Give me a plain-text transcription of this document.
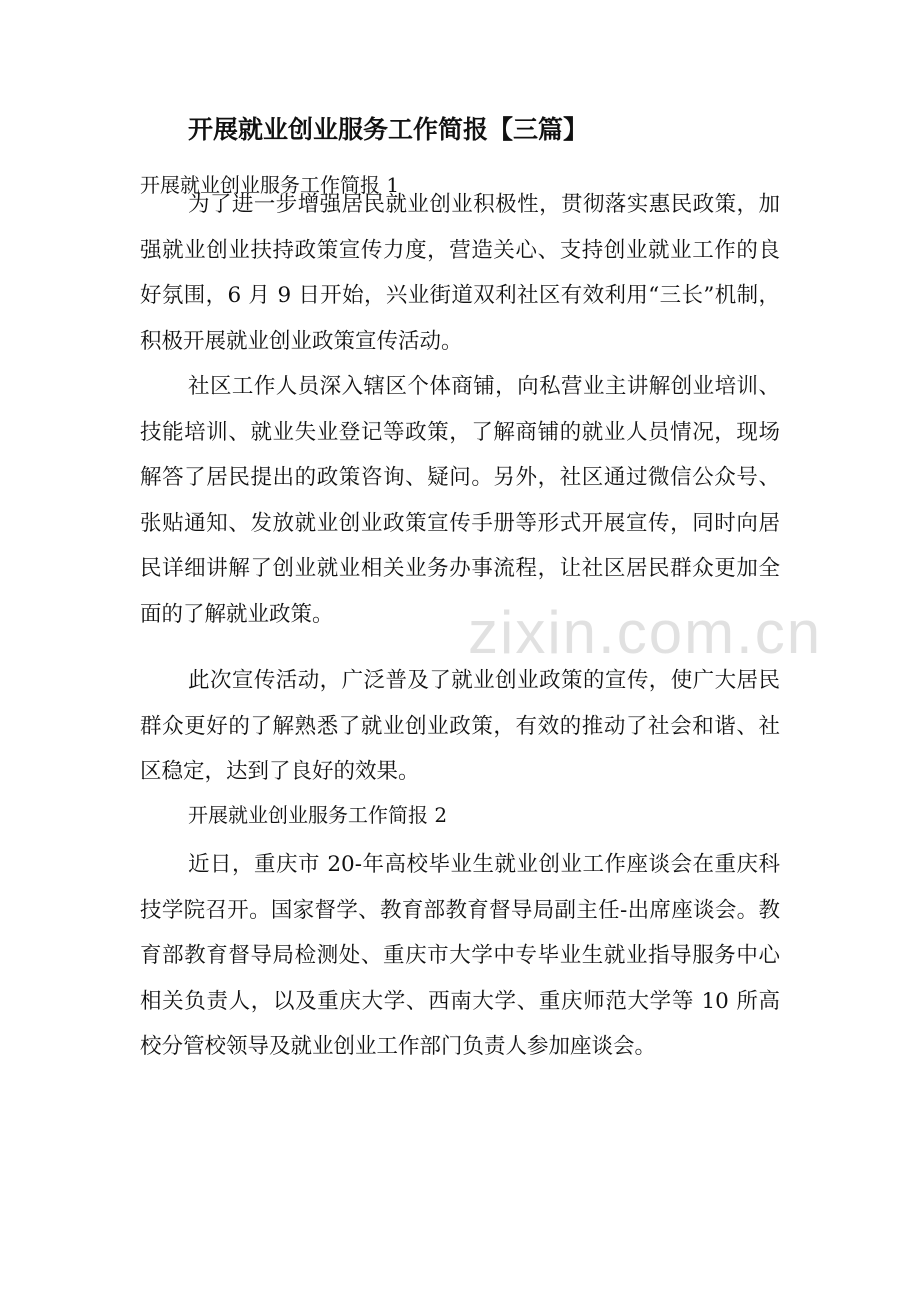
开展就业创业服务工作简报【三篇】

开展就业创业服务工作简报 1

为了进一步增强居民就业创业积极性，贯彻落实惠民政策，加强就业创业扶持政策宣传力度，营造关心、支持创业就业工作的良好氛围，6 月 9 日开始，兴业街道双利社区有效利用“三长”机制，积极开展就业创业政策宣传活动。

社区工作人员深入辖区个体商铺，向私营业主讲解创业培训、技能培训、就业失业登记等政策，了解商铺的就业人员情况，现场解答了居民提出的政策咨询、疑问。另外，社区通过微信公众号、张贴通知、发放就业创业政策宣传手册等形式开展宣传，同时向居民详细讲解了创业就业相关业务办事流程，让社区居民群众更加全面的了解就业政策。

此次宣传活动，广泛普及了就业创业政策的宣传，使广大居民群众更好的了解熟悉了就业创业政策，有效的推动了社会和谐、社区稳定，达到了良好的效果。

开展就业创业服务工作简报 2

近日，重庆市 20-年高校毕业生就业创业工作座谈会在重庆科技学院召开。国家督学、教育部教育督导局副主任-出席座谈会。教育部教育督导局检测处、重庆市大学中专毕业生就业指导服务中心相关负责人，以及重庆大学、西南大学、重庆师范大学等 10 所高校分管校领导及就业创业工作部门负责人参加座谈会。

zixin.com.cn
